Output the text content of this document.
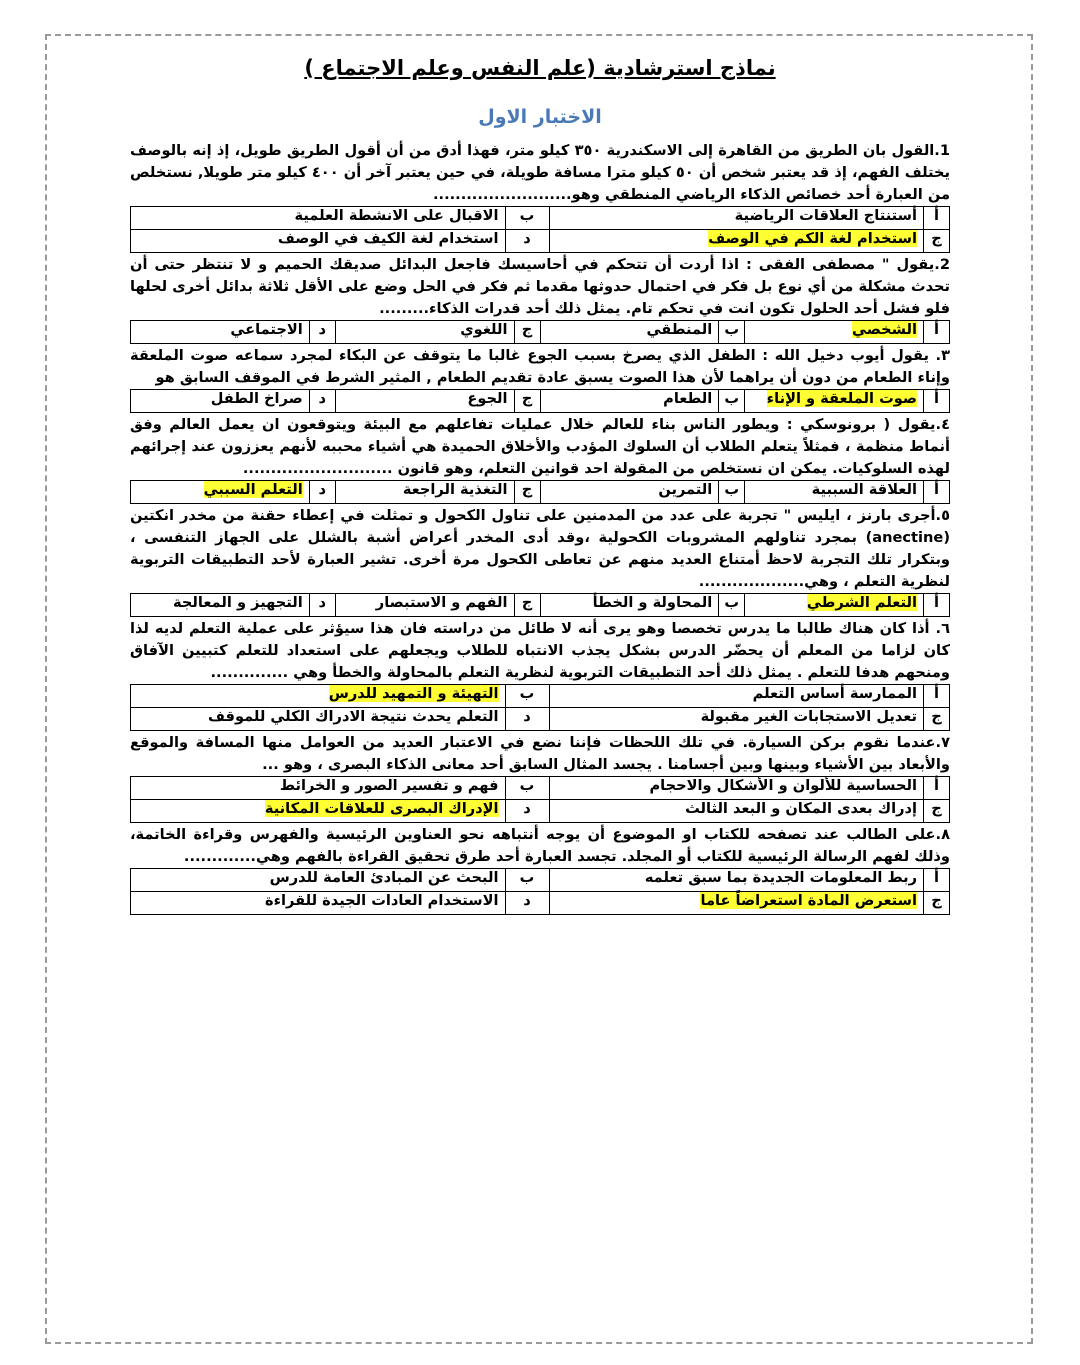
نماذج استرشادية (علم النفس وعلم الاجتماع )
الاختبار الاول

1.القول بان الطريق من القاهرة إلى الاسكندرية ٣٥٠ كيلو متر، فهذا أدق من أن أقول الطريق طويل، إذ إنه بالوصف يختلف الفهم، إذ قد يعتبر شخص أن ٥٠ كيلو مترا مسافة طويلة، في حين يعتبر آخر أن ٤٠٠ كيلو متر طويلا, نستخلص من العبارة أحد خصائص الذكاء الرياضي المنطقي وهو.........................

أ	أستنتاج العلاقات الرياضية	ب	الاقبال على الانشطة العلمية
ج	استخدام لغة الكم في الوصف	د	استخدام لغة الكيف في الوصف

2.يقول " مصطفى الفقى : اذا أردت أن تتحكم في أحاسيسك فاجعل البدائل صديقك الحميم و لا تنتظر حتى أن تحدث مشكلة من أي نوع بل فكر في احتمال حدوثها مقدما ثم فكر في الحل وضع على الأقل ثلاثة بدائل أخرى لحلها فلو فشل أحد الحلول تكون انت في تحكم تام. يمثل ذلك أحد قدرات الذكاء.........

أ	الشخصي	ب	المنطقي	ج	اللغوي	د	الاجتماعي

٣. يقول أيوب دخيل الله : الطفل الذي يصرخ بسبب الجوع غالبا ما يتوقف عن البكاء لمجرد سماعه صوت الملعقة وإناء الطعام من دون أن يراهما لأن هذا الصوت يسبق عادة تقديم الطعام , المثير الشرط في الموقف السابق هو

أ	صوت الملعقة و الإناء	ب	الطعام	ج	الجوع	د	صراخ الطفل

٤.يقول ( برونوسكي : ويطور الناس بناء للعالم خلال عمليات تفاعلهم مع البيئة ويتوقعون ان يعمل العالم وفق أنماط منظمة ، فمثلاً يتعلم الطلاب أن السلوك المؤدب والأخلاق الحميدة هي أشياء محببه لأنهم يعززون عند إجرائهم لهذه السلوكيات. يمكن ان نستخلص من المقولة احد قوانين التعلم، وهو قانون ...........................

أ	العلاقة السببية	ب	التمرين	ج	التغذية الراجعة	د	التعلم السببي

٥.أجرى بارنز ، ايليس " تجربة على عدد من المدمنين على تناول الكحول و تمثلت في إعطاء حقنة من مخدر انكتين (anectine) بمجرد تناولهم المشروبات الكحولية ،وقد أدى المخدر أعراض أشبة بالشلل على الجهاز التنفسى ، وبتكرار تلك التجربة لاحظ أمتناع العديد منهم عن تعاطى الكحول مرة أخرى. تشير العبارة لأحد التطبيقات التربوية لنظرية التعلم ، وهي...................

أ	التعلم الشرطي	ب	المحاولة و الخطأ	ج	الفهم و الاستبصار	د	التجهيز و المعالجة

٦. أذا كان هناك طالبا ما يدرس تخصصا وهو يرى أنه لا طائل من دراسته فان هذا سيؤثر على عملية التعلم لديه لذا كان لزاما من المعلم أن يحضّر الدرس بشكل يجذب الانتباه للطلاب ويجعلهم على استعداد للتعلم كتبيين الآفاق ومنحهم هدفا للتعلم . يمثل ذلك أحد التطبيقات التربوية لنظرية التعلم بالمحاولة والخطأ وهي ..............

أ	الممارسة أساس التعلم	ب	التهيئة و التمهيد للدرس
ج	تعديل الاستجابات الغير مقبولة	د	التعلم يحدث نتيجة الادراك الكلي للموقف

٧.عندما نقوم بركن السيارة. في تلك اللحظات فإننا نضع في الاعتبار العديد من العوامل منها المسافة والموقع والأبعاد بين الأشياء وبينها وبين أجسامنا . يجسد المثال السابق أحد معانى الذكاء البصرى ، وهو ...

أ	الحساسية للألوان و الأشكال والاحجام	ب	فهم و تفسير الصور و الخرائط
ج	إدراك بعدى المكان و البعد الثالث	د	الإدراك البصرى للعلاقات المكانية

٨.على الطالب عند تصفحه للكتاب او الموضوع أن يوجه أنتباهه نحو العناوين الرئيسية والفهرس وقراءة الخاتمة، وذلك لفهم الرسالة الرئيسية للكتاب أو المجلد. تجسد العبارة أحد طرق تحقيق القراءة بالفهم وهي.............

أ	ربط المعلومات الجديدة بما سبق تعلمه	ب	البحث عن المبادئ العامة للدرس
ج	استعرض المادة استعراضاً عاما	د	الاستخدام العادات الجيدة للقراءة
